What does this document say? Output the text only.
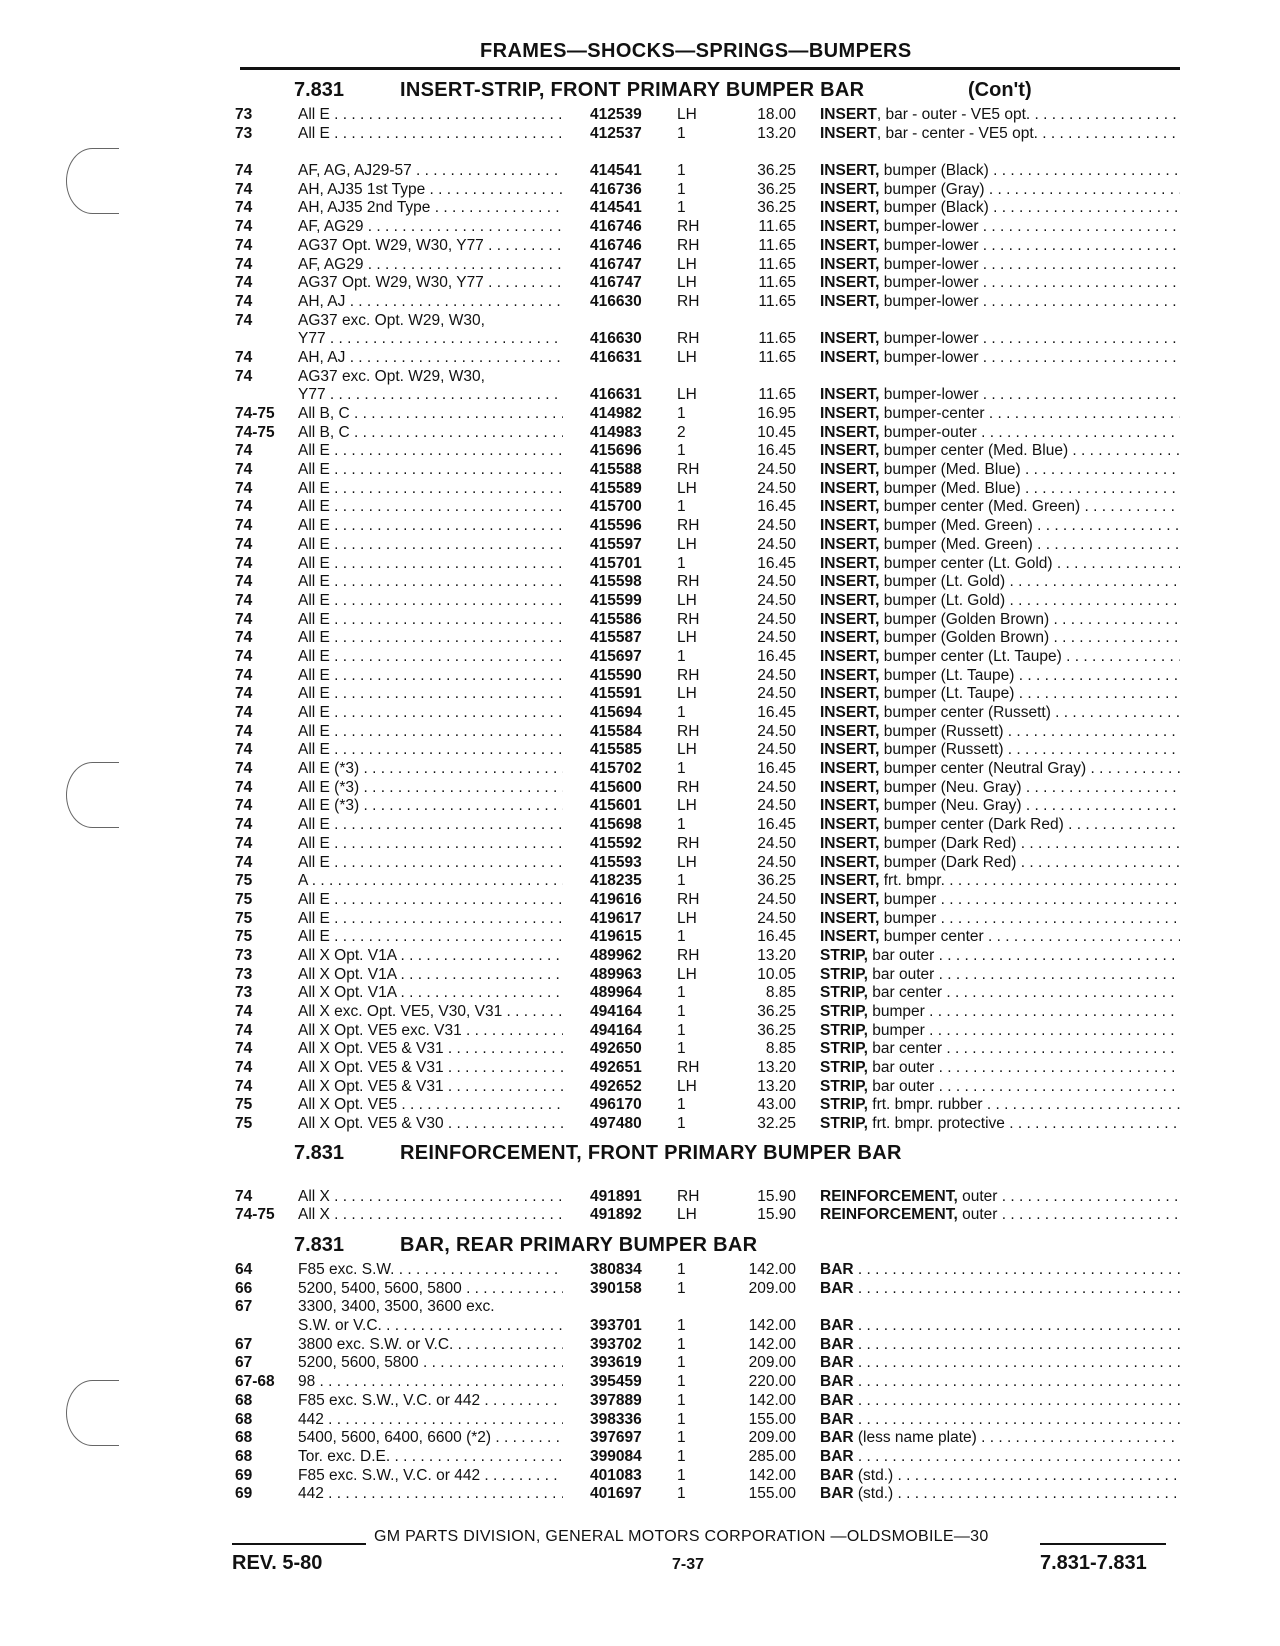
FRAMES—SHOCKS—SPRINGS—BUMPERS
7.831	INSERT-STRIP, FRONT PRIMARY BUMPER BAR	(Con't)
73	All E . . .	412539 LH	18.00 INSERT, bar - outer - VE5 opt. . . .
73	All E . . .	412537 1	13.20 INSERT, bar - center - VE5 opt. . . .
74	AF, AG, AJ29-57 . . .	414541 1	36.25 INSERT, bumper (Black) . . .
74	AH, AJ35 1st Type . . .	416736 1	36.25 INSERT, bumper (Gray) . . .
74	AH, AJ35 2nd Type . . .	414541 1	36.25 INSERT, bumper (Black) . . .
74	AF, AG29 . . .	416746 RH	11.65 INSERT, bumper-lower . . .
74	AG37 Opt. W29, W30, Y77 . . .	416746 RH	11.65 INSERT, bumper-lower . . .
74	AF, AG29 . . .	416747 LH	11.65 INSERT, bumper-lower . . .
74	AG37 Opt. W29, W30, Y77 . . .	416747 LH	11.65 INSERT, bumper-lower . . .
74	AH, AJ . . .	416630 RH	11.65 INSERT, bumper-lower . . .
74	AG37 exc. Opt. W29, W30,
Y77 . . .	416630 RH	11.65 INSERT, bumper-lower . . .
74	AH, AJ . . .	416631 LH	11.65 INSERT, bumper-lower . . .
74	AG37 exc. Opt. W29, W30,
Y77 . . .	416631 LH	11.65 INSERT, bumper-lower . . .
74-75 All B, C . . .	414982 1	16.95 INSERT, bumper-center . . .
74-75 All B, C . . .	414983 2	10.45 INSERT, bumper-outer . . .
74	All E . . .	415696 1	16.45 INSERT, bumper center (Med. Blue) . . .
74	All E . . .	415588 RH	24.50 INSERT, bumper (Med. Blue) . . .
74	All E . . .	415589 LH	24.50 INSERT, bumper (Med. Blue) . . .
74	All E . . .	415700 1	16.45 INSERT, bumper center (Med. Green) . . .
74	All E . . .	415596 RH	24.50 INSERT, bumper (Med. Green) . . .
74	All E . . .	415597 LH	24.50 INSERT, bumper (Med. Green) . . .
74	All E . . .	415701 1	16.45 INSERT, bumper center (Lt. Gold) . . .
74	All E . . .	415598 RH	24.50 INSERT, bumper (Lt. Gold) . . .
74	All E . . .	415599 LH	24.50 INSERT, bumper (Lt. Gold) . . .
74	All E . . .	415586 RH	24.50 INSERT, bumper (Golden Brown) . . .
74	All E . . .	415587 LH	24.50 INSERT, bumper (Golden Brown) . . .
74	All E . . .	415697 1	16.45 INSERT, bumper center (Lt. Taupe) . . .
74	All E . . .	415590 RH	24.50 INSERT, bumper (Lt. Taupe) . . .
74	All E . . .	415591 LH	24.50 INSERT, bumper (Lt. Taupe) . . .
74	All E . . .	415694 1	16.45 INSERT, bumper center (Russett) . . .
74	All E . . .	415584 RH	24.50 INSERT, bumper (Russett) . . .
74	All E . . .	415585 LH	24.50 INSERT, bumper (Russett) . . .
74	All E (*3) . . .	415702 1	16.45 INSERT, bumper center (Neutral Gray) . . .
74	All E (*3) . . .	415600 RH	24.50 INSERT, bumper (Neu. Gray) . . .
74	All E (*3) . . .	415601 LH	24.50 INSERT, bumper (Neu. Gray) . . .
74	All E . . .	415698 1	16.45 INSERT, bumper center (Dark Red) . . .
74	All E . . .	415592 RH	24.50 INSERT, bumper (Dark Red) . . .
74	All E . . .	415593 LH	24.50 INSERT, bumper (Dark Red) . . .
75	A . . .	418235 1	36.25 INSERT, frt. bmpr. . . .
75	All E . . .	419616 RH	24.50 INSERT, bumper . . .
75	All E . . .	419617 LH	24.50 INSERT, bumper . . .
75	All E . . .	419615 1	16.45 INSERT, bumper center . . .
73	All X Opt. V1A . . .	489962 RH	13.20 STRIP, bar outer . . .
73	All X Opt. V1A . . .	489963 LH	10.05 STRIP, bar outer . . .
73	All X Opt. V1A . . .	489964 1	8.85 STRIP, bar center . . .
74	All X exc. Opt. VE5, V30, V31 . . .	494164 1	36.25 STRIP, bumper . . .
74	All X Opt. VE5 exc. V31 . . .	494164 1	36.25 STRIP, bumper . . .
74	All X Opt. VE5 & V31 . . .	492650 1	8.85 STRIP, bar center . . .
74	All X Opt. VE5 & V31 . . .	492651 RH	13.20 STRIP, bar outer . . .
74	All X Opt. VE5 & V31 . . .	492652 LH	13.20 STRIP, bar outer . . .
75	All X Opt. VE5 . . .	496170 1	43.00 STRIP, frt. bmpr. rubber . . .
75	All X Opt. VE5 & V30 . . .	497480 1	32.25 STRIP, frt. bmpr. protective . . .
7.831	REINFORCEMENT, FRONT PRIMARY BUMPER BAR
74	All X . . .	491891 RH	15.90 REINFORCEMENT, outer . . .
74-75 All X . . .	491892 LH	15.90 REINFORCEMENT, outer . . .
7.831	BAR, REAR PRIMARY BUMPER BAR
64	F85 exc. S.W. . . .	380834 1	142.00 BAR . . .
66	5200, 5400, 5600, 5800 . . .	390158 1	209.00 BAR . . .
67	3300, 3400, 3500, 3600 exc.
S.W. or V.C. . . .	393701 1	142.00 BAR . . .
67	3800 exc. S.W. or V.C. . . .	393702 1	142.00 BAR . . .
67	5200, 5600, 5800 . . .	393619 1	209.00 BAR . . .
67-68 98 . . .	395459 1	220.00 BAR . . .
68	F85 exc. S.W., V.C. or 442 . . .	397889 1	142.00 BAR . . .
68	442 . . .	398336 1	155.00 BAR . . .
68	5400, 5600, 6400, 6600 (*2) . . .	397697 1	209.00 BAR (less name plate) . . .
68	Tor. exc. D.E. . . .	399084 1	285.00 BAR . . .
69	F85 exc. S.W., V.C. or 442 . . .	401083 1	142.00 BAR (std.) . . .
69	442 . . .	401697 1	155.00 BAR (std.) . . .
GM PARTS DIVISION, GENERAL MOTORS CORPORATION —OLDSMOBILE—30
REV. 5-80	7-37	7.831-7.831
